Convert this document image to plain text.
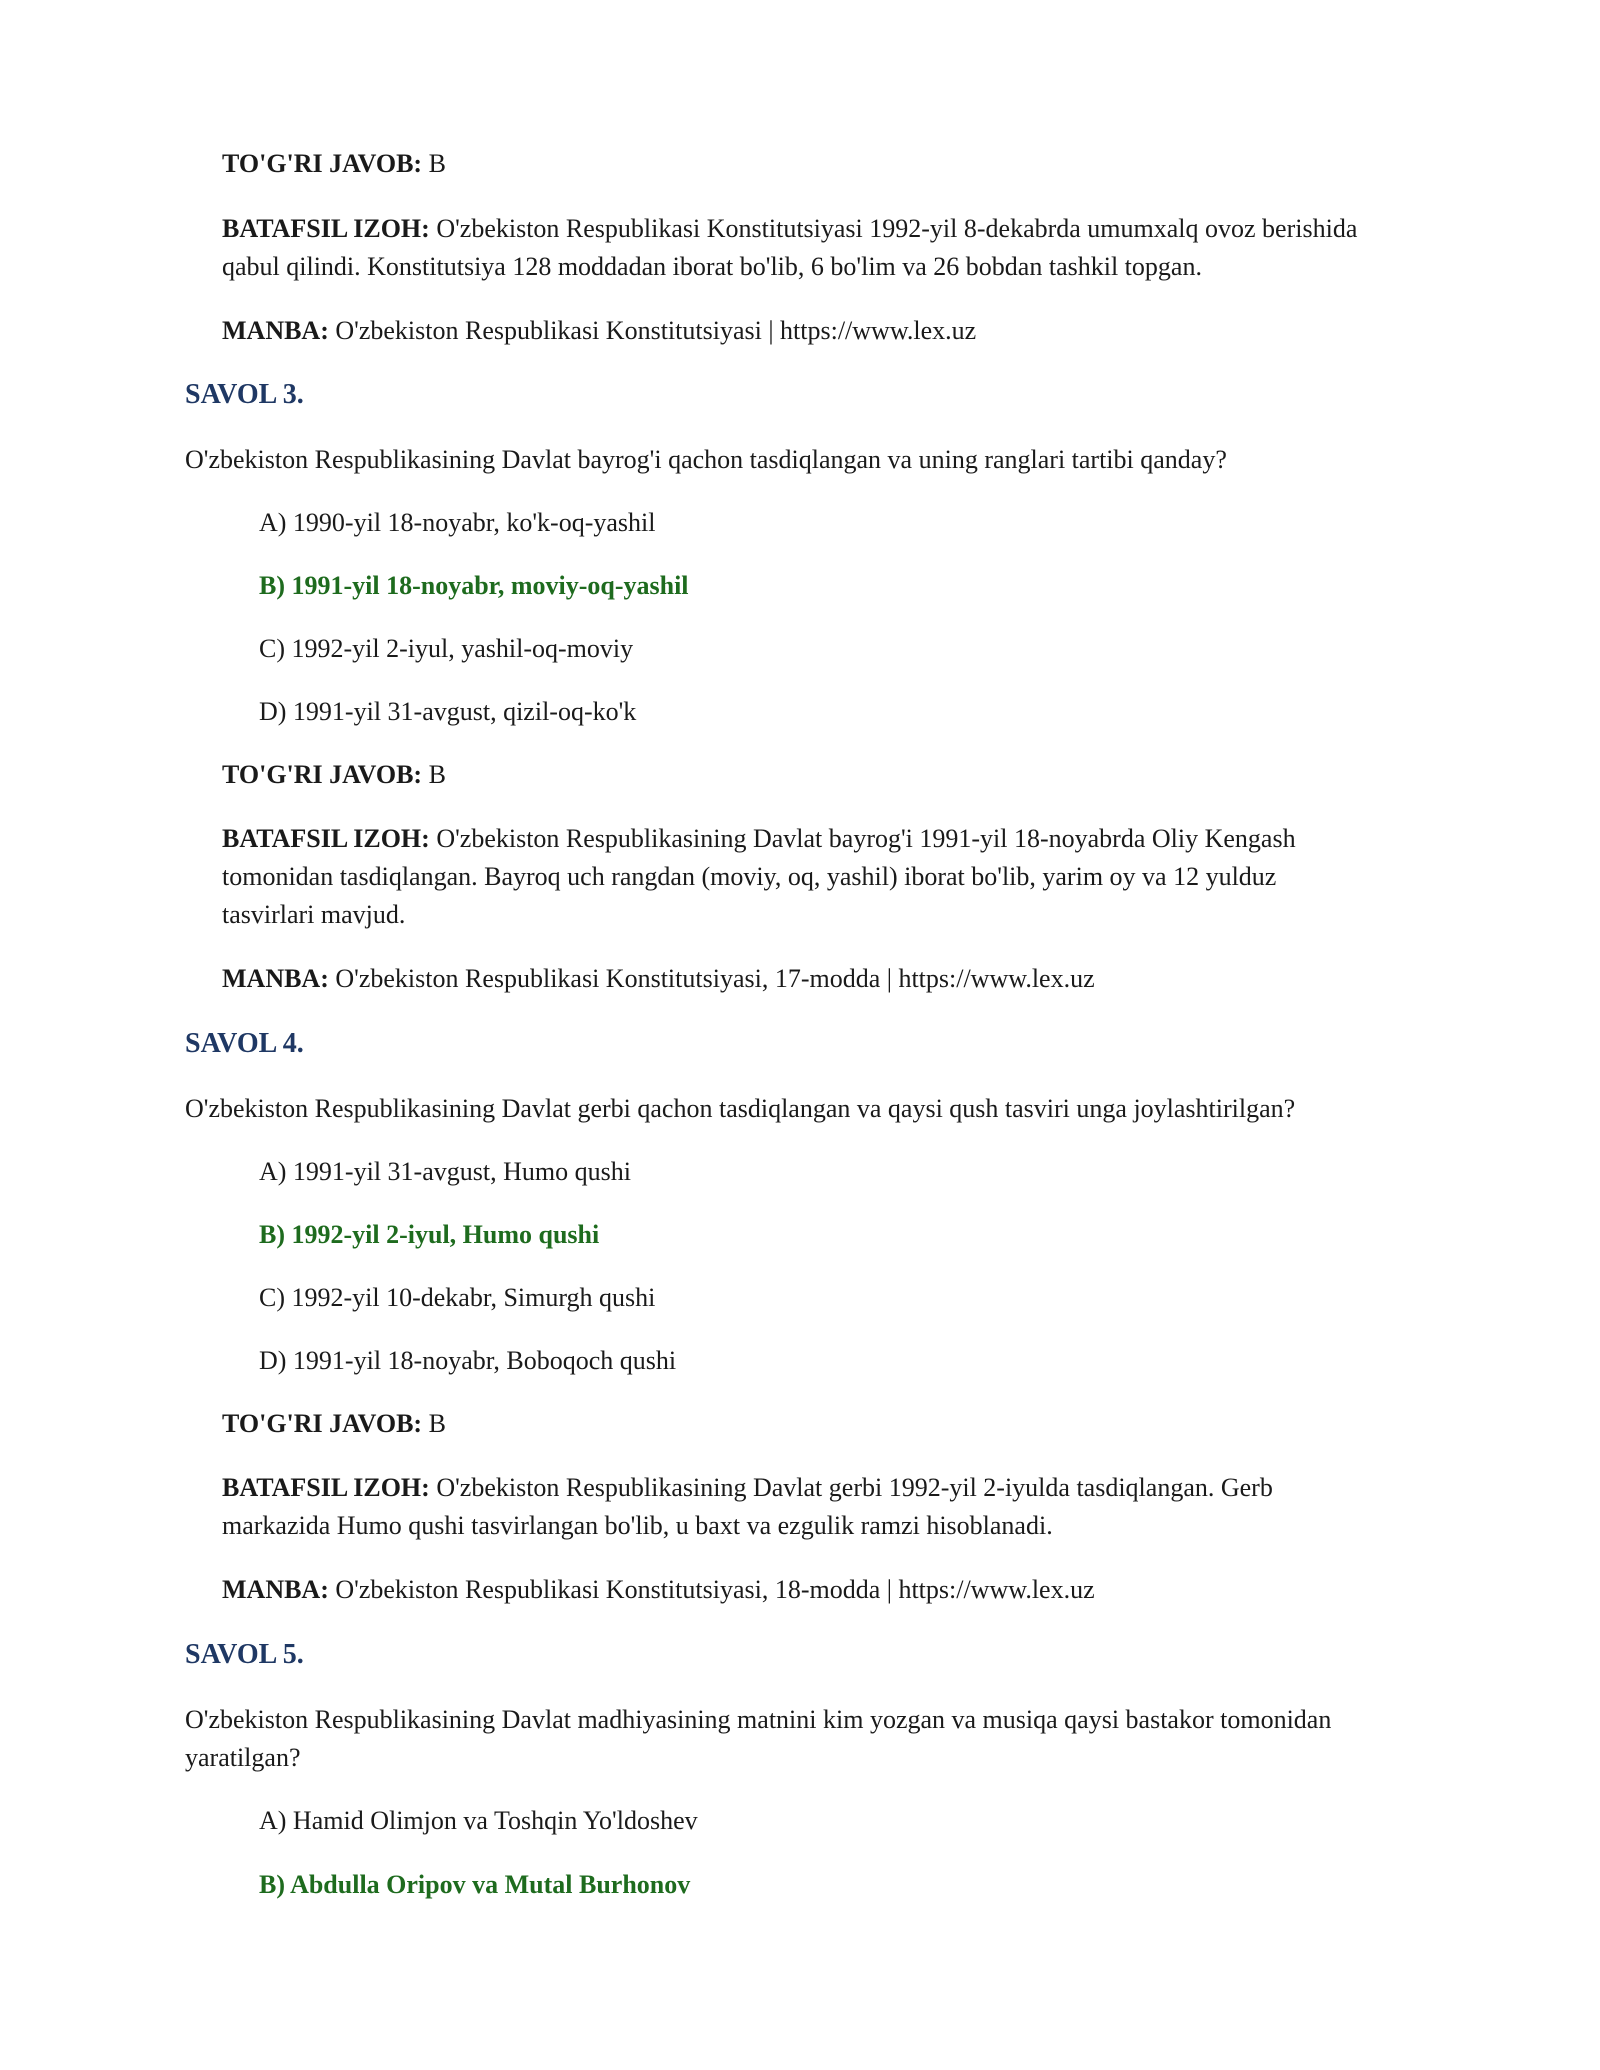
TO'G'RI JAVOB: B
BATAFSIL IZOH: O'zbekiston Respublikasi Konstitutsiyasi 1992-yil 8-dekabrda umumxalq ovoz berishida
qabul qilindi. Konstitutsiya 128 moddadan iborat bo'lib, 6 bo'lim va 26 bobdan tashkil topgan.
MANBA: O'zbekiston Respublikasi Konstitutsiyasi | https://www.lex.uz
SAVOL 3.
O'zbekiston Respublikasining Davlat bayrog'i qachon tasdiqlangan va uning ranglari tartibi qanday?
A) 1990-yil 18-noyabr, ko'k-oq-yashil
B) 1991-yil 18-noyabr, moviy-oq-yashil
C) 1992-yil 2-iyul, yashil-oq-moviy
D) 1991-yil 31-avgust, qizil-oq-ko'k
TO'G'RI JAVOB: B
BATAFSIL IZOH: O'zbekiston Respublikasining Davlat bayrog'i 1991-yil 18-noyabrda Oliy Kengash
tomonidan tasdiqlangan. Bayroq uch rangdan (moviy, oq, yashil) iborat bo'lib, yarim oy va 12 yulduz
tasvirlari mavjud.
MANBA: O'zbekiston Respublikasi Konstitutsiyasi, 17-modda | https://www.lex.uz
SAVOL 4.
O'zbekiston Respublikasining Davlat gerbi qachon tasdiqlangan va qaysi qush tasviri unga joylashtirilgan?
A) 1991-yil 31-avgust, Humo qushi
B) 1992-yil 2-iyul, Humo qushi
C) 1992-yil 10-dekabr, Simurgh qushi
D) 1991-yil 18-noyabr, Boboqoch qushi
TO'G'RI JAVOB: B
BATAFSIL IZOH: O'zbekiston Respublikasining Davlat gerbi 1992-yil 2-iyulda tasdiqlangan. Gerb
markazida Humo qushi tasvirlangan bo'lib, u baxt va ezgulik ramzi hisoblanadi.
MANBA: O'zbekiston Respublikasi Konstitutsiyasi, 18-modda | https://www.lex.uz
SAVOL 5.
O'zbekiston Respublikasining Davlat madhiyasining matnini kim yozgan va musiqa qaysi bastakor tomonidan
yaratilgan?
A) Hamid Olimjon va Toshqin Yo'ldoshev
B) Abdulla Oripov va Mutal Burhonov
